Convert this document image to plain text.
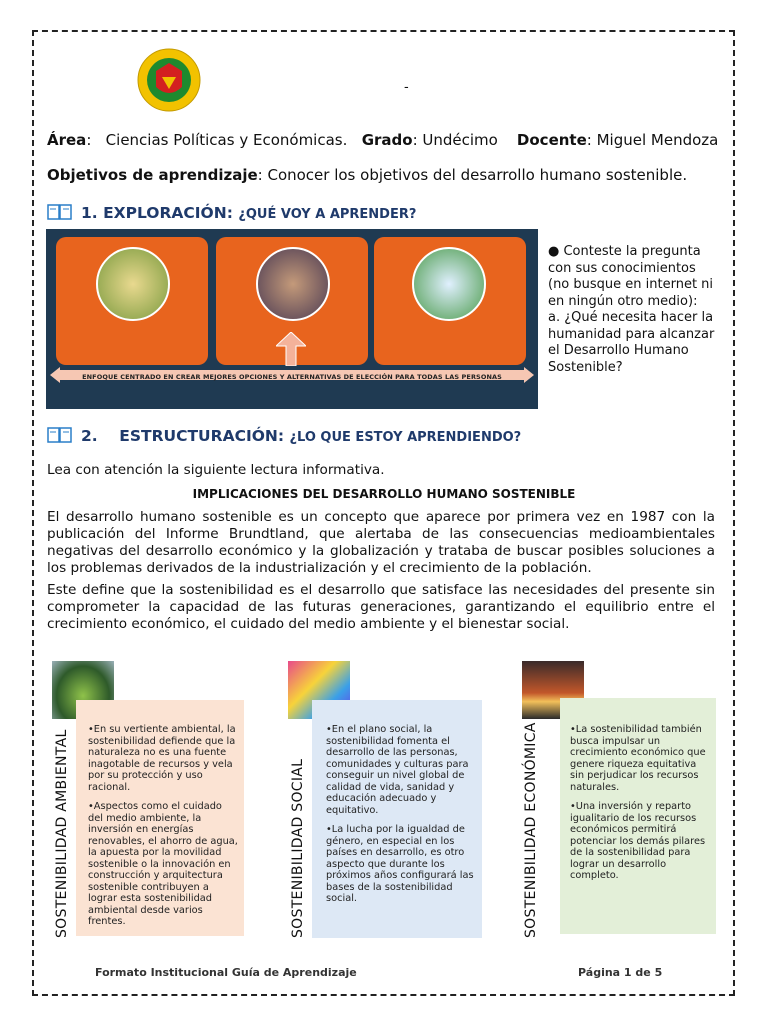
-
Área:   Ciencias Políticas y Económicas. Grado: Undécimo Docente: Miguel Mendoza
Objetivos de aprendizaje: Conocer los objetivos del desarrollo humano sostenible.
1. EXPLORACIÓN: ¿QUÉ VOY A APRENDER?
ENFOQUE CENTRADO EN CREAR MEJORES OPCIONES Y ALTERNATIVAS DE ELECCIÓN PARA TODAS LAS PERSONAS
● Conteste la pregunta con sus conocimientos (no busque en internet ni en ningún otro medio):
a. ¿Qué necesita hacer la humanidad para alcanzar el Desarrollo Humano Sostenible?
2.    ESTRUCTURACIÓN: ¿LO QUE ESTOY APRENDIENDO?
Lea con atención la siguiente lectura informativa.
IMPLICACIONES DEL DESARROLLO HUMANO SOSTENIBLE
El desarrollo humano sostenible es un concepto que aparece por primera vez en 1987 con la publicación del Informe Brundtland, que alertaba de las consecuencias medioambientales negativas del desarrollo económico y la globalización y trataba de buscar posibles soluciones a los problemas derivados de la industrialización y el crecimiento de la población.
Este define que la sostenibilidad es el desarrollo que satisface las necesidades del presente sin comprometer la capacidad de las futuras generaciones, garantizando el equilibrio entre el crecimiento económico, el cuidado del medio ambiente y el bienestar social.

•En su vertiente ambiental, la sostenibilidad defiende que la naturaleza no es una fuente inagotable de recursos y vela por su protección y uso racional.

•Aspectos como el cuidado del medio ambiente, la inversión en energías renovables, el ahorro de agua, la apuesta por la movilidad sostenible o la innovación en construcción y arquitectura sostenible contribuyen a lograr esta sostenibilidad ambiental desde varios frentes.

SOSTENIBILIDAD AMBIENTAL	•En el plano social, la sostenibilidad fomenta el desarrollo de las personas, comunidades y culturas para conseguir un nivel global de calidad de vida, sanidad y educación adecuado y equitativo.

•La lucha por la igualdad de género, en especial en los países en desarrollo, es otro aspecto que durante los próximos años configurará las bases de la sostenibilidad social.

SOSTENIBILIDAD SOCIAL

•La sostenibilidad también busca impulsar un crecimiento económico que genere riqueza equitativa sin perjudicar los recursos naturales.

•Una inversión y reparto igualitario de los recursos económicos permitirá potenciar los demás pilares de la sostenibilidad para lograr un desarrollo completo.

SOSTENIBILIDAD ECONÓMICA
Formato Institucional Guía de Aprendizaje	Página 1 de 5
